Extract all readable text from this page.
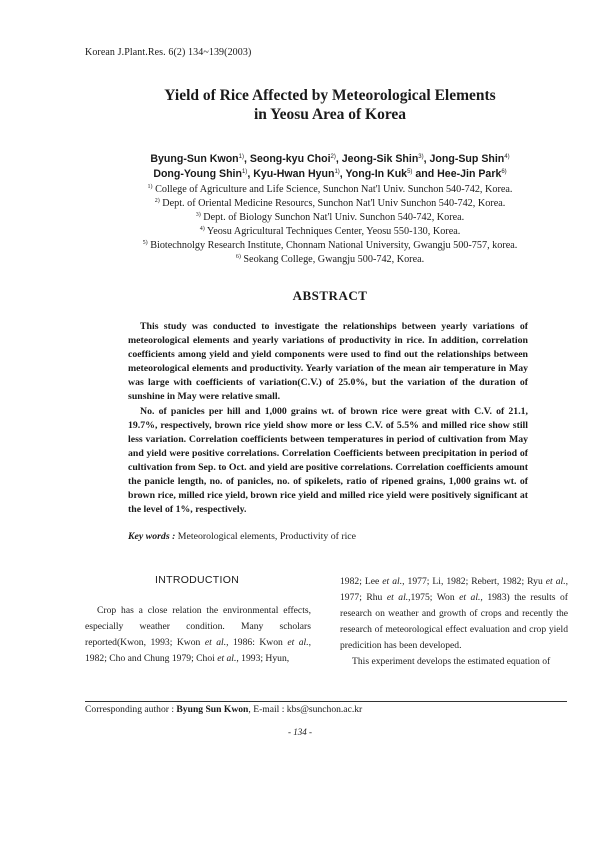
Korean J.Plant.Res. 6(2) 134~139(2003)
Yield of Rice Affected by Meteorological Elements
in Yeosu Area of Korea
Byung-Sun Kwon$^{1)}$, Seong-kyu Choi$^{2)}$, Jeong-Sik Shin$^{3)}$, Jong-Sup Shin$^{4)}$
Dong-Young Shin$^{1)}$, Kyu-Hwan Hyun$^{1)}$, Yong-In Kuk$^{5)}$ and Hee-Jin Park$^{6)}$
$^{1)}$ College of Agriculture and Life Science, Sunchon Nat'l Univ. Sunchon 540-742, Korea.
$^{2)}$ Dept. of Oriental Medicine Resourcs, Sunchon Nat'l Univ Sunchon 540-742, Korea.
$^{3)}$ Dept. of Biology Sunchon Nat'l Univ. Sunchon 540-742, Korea.
$^{4)}$ Yeosu Agricultural Techniques Center, Yeosu 550-130, Korea.
$^{5)}$ Biotechnolgy Research Institute, Chonnam National University, Gwangju 500-757, korea.
$^{6)}$ Seokang College, Gwangju 500-742, Korea.
ABSTRACT
This study was conducted to investigate the relationships between yearly variations of meteorological elements and yearly variations of productivity in rice. In addition, correlation coefficients among yield and yield components were used to find out the relationships between meteorological elements and productivity. Yearly variation of the mean air temperature in May was large with coefficients of variation(C.V.) of 25.0%, but the variation of the duration of sunshine in May were relative small.
No. of panicles per hill and 1,000 grains wt. of brown rice were great with C.V. of 21.1, 19.7%, respectively, brown rice yield show more or less C.V. of 5.5% and milled rice show still less variation. Correlation coefficients between temperatures in period of cultivation from May and yield were positive correlations. Correlation Coefficients between precipitation in period of cultivation from Sep. to Oct. and yield are positive correlations. Correlation coefficients amount the panicle length, no. of panicles, no. of spikelets, ratio of ripened grains, 1,000 grains wt. of brown rice, milled rice yield, brown rice yield and milled rice yield were positively significant at the level of 1%, respectively.
Key words : Meteorological elements, Productivity of rice
INTRODUCTION
Crop has a close relation the environmental effects, especially weather condition. Many scholars reported(Kwon, 1993; Kwon et al., 1986: Kwon et al., 1982; Cho and Chung 1979; Choi et al., 1993; Hyun,
1982; Lee et al., 1977; Li, 1982; Rebert, 1982; Ryu et al., 1977; Rhu et al.,1975; Won et al., 1983) the results of research on weather and growth of crops and recently the research of meteorological effect evaluation and crop yield predicition has been developed.
This experiment develops the estimated equation of
Corresponding author : Byung Sun Kwon, E-mail : kbs@sunchon.ac.kr
- 134 -
